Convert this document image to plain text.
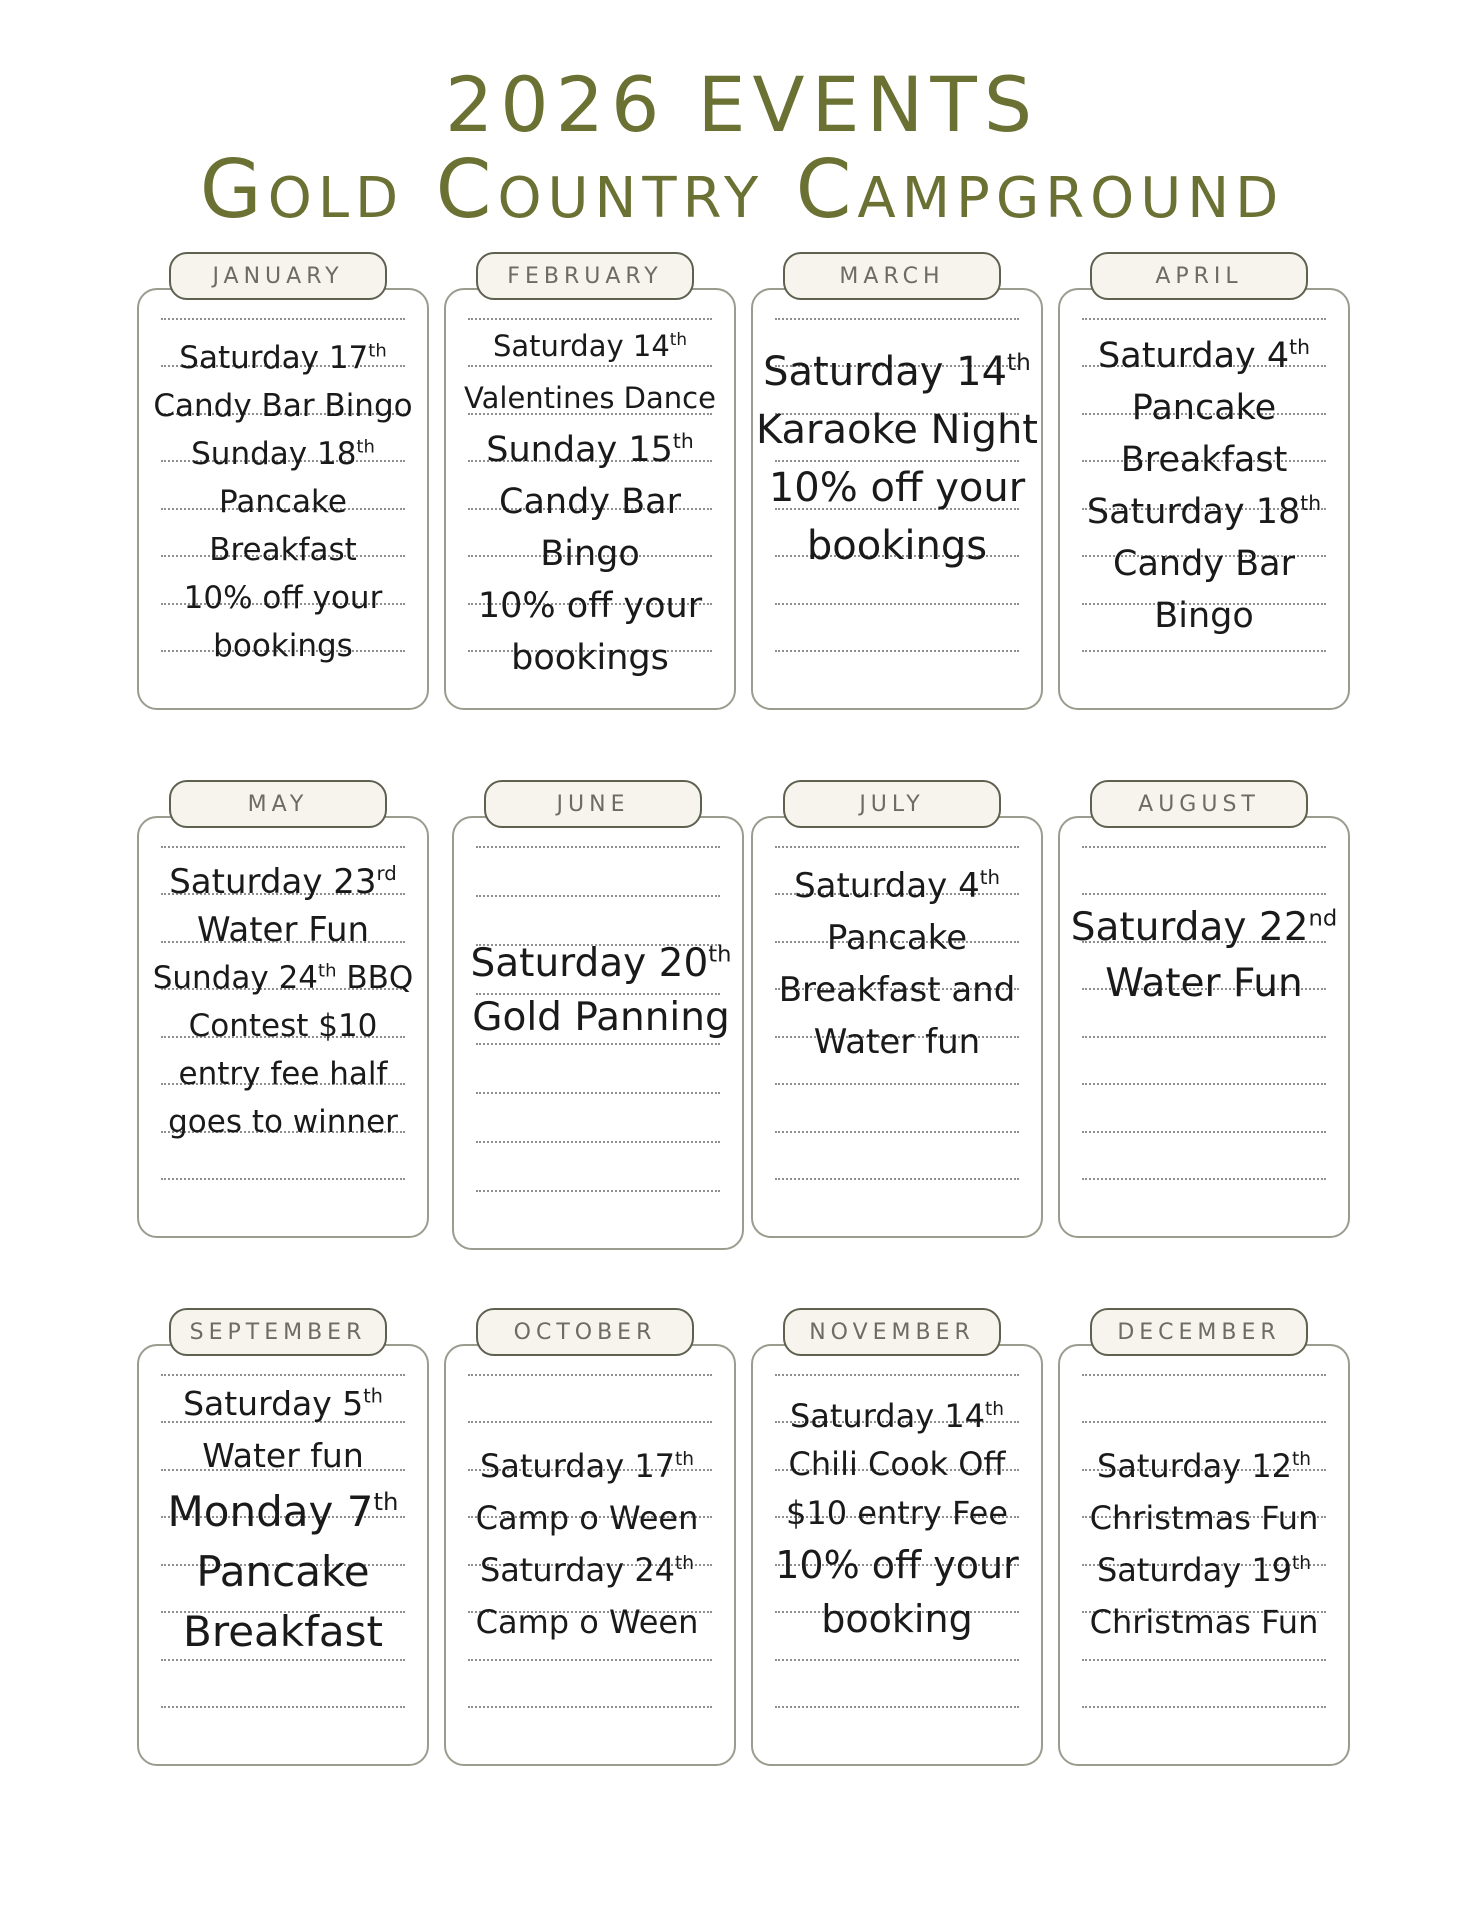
2026 EVENTS
Gold Country Campground
JANUARY
Saturday 17th
Candy Bar Bingo
Sunday 18th
Pancake
Breakfast
10% off your
bookings
FEBRUARY
Saturday 14th
Valentines Dance
Sunday 15th
Candy Bar
Bingo
10% off your
bookings
MARCH
Saturday 14th
Karaoke Night
10% off your
bookings
APRIL
Saturday 4th
Pancake
Breakfast
Saturday 18th
Candy Bar
Bingo
MAY
Saturday 23rd
Water Fun
Sunday 24th BBQ
Contest $10
entry fee half
goes to winner
JUNE
Saturday 20th
Gold Panning
JULY
Saturday 4th
Pancake
Breakfast and
Water fun
AUGUST
Saturday 22nd
Water Fun
SEPTEMBER
Saturday 5th
Water fun
Monday 7th
Pancake
Breakfast
OCTOBER
Saturday 17th
Camp o Ween
Saturday 24th
Camp o Ween
NOVEMBER
Saturday 14th
Chili Cook Off
$10 entry Fee
10% off your
booking
DECEMBER
Saturday 12th
Christmas Fun
Saturday 19th
Christmas Fun
